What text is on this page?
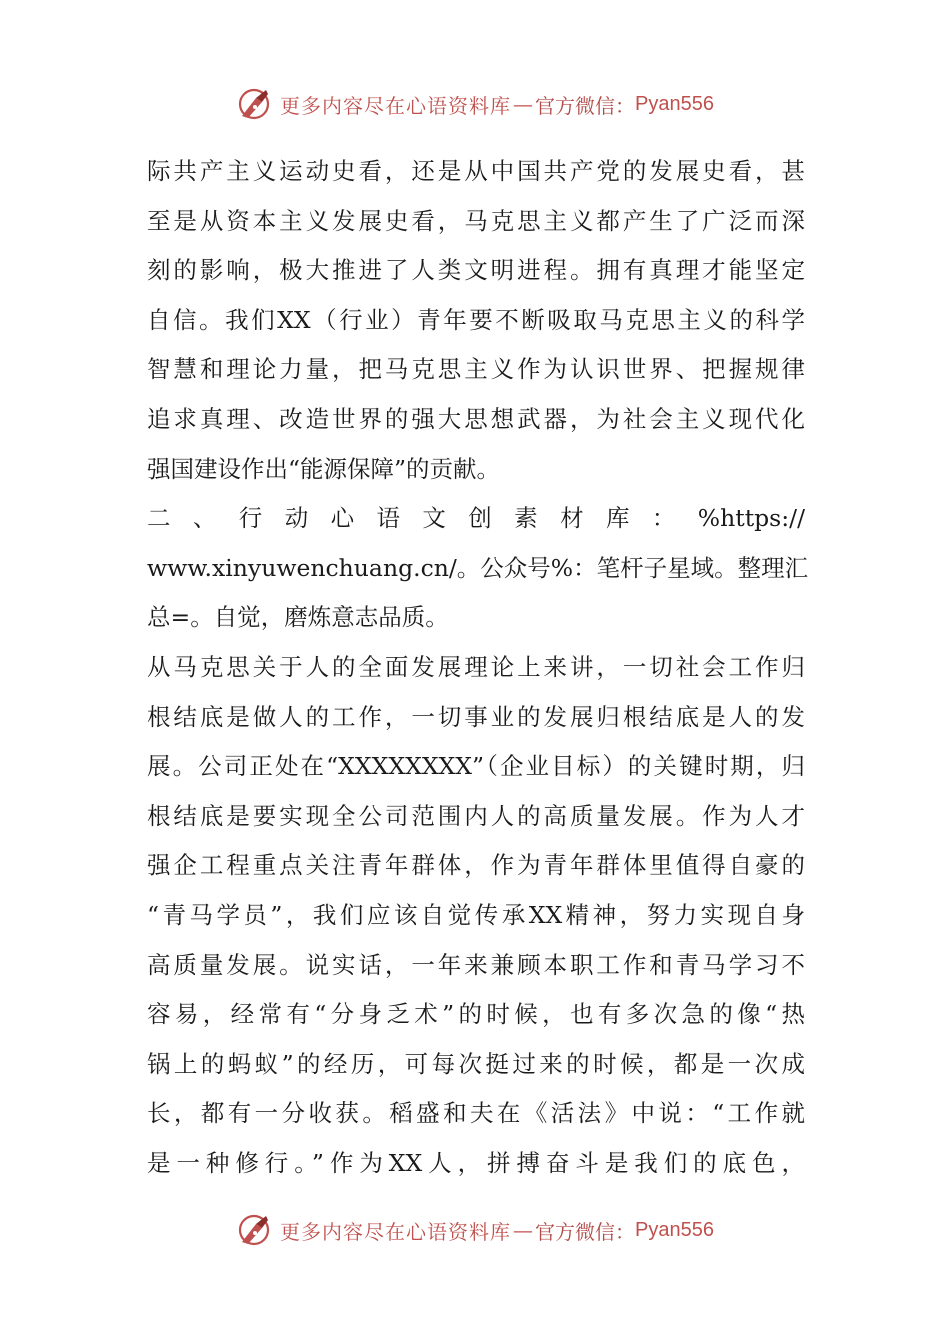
更多内容尽在心语资料库 — 官方微信： Pyan556
际共产主义运动史看，还是从中国共产党的发展史看，甚
至是从资本主义发展史看，马克思主义都产生了广泛而深
刻的影响，极大推进了人类文明进程。拥有真理才能坚定
自信。我们XX（行业）青年要不断吸取马克思主义的科学
智慧和理论力量，把马克思主义作为认识世界、把握规律
追求真理、改造世界的强大思想武器，为社会主义现代化
强国建设作出“能源保障”的贡献。
二 、 行 动 心 语 文 创 素 材 库 ： %https://
www.xinyuwenchuang.cn/。公众号%：笔杆子星域。整理汇
总=。自觉，磨炼意志品质。
从马克思关于人的全面发展理论上来讲，一切社会工作归
根结底是做人的工作，一切事业的发展归根结底是人的发
展。公司正处在“XXXXXXXX”（企业目标）的关键时期，归
根结底是要实现全公司范围内人的高质量发展。作为人才
强企工程重点关注青年群体，作为青年群体里值得自豪的
“青马学员”，我们应该自觉传承XX精神，努力实现自身
高质量发展。说实话，一年来兼顾本职工作和青马学习不
容易，经常有“分身乏术”的时候，也有多次急的像“热
锅上的蚂蚁”的经历，可每次挺过来的时候，都是一次成
长，都有一分收获。稻盛和夫在《活法》中说：“工作就
是一种修行。”作为XX人，拼搏奋斗是我们的底色，
更多内容尽在心语资料库 — 官方微信： Pyan556
